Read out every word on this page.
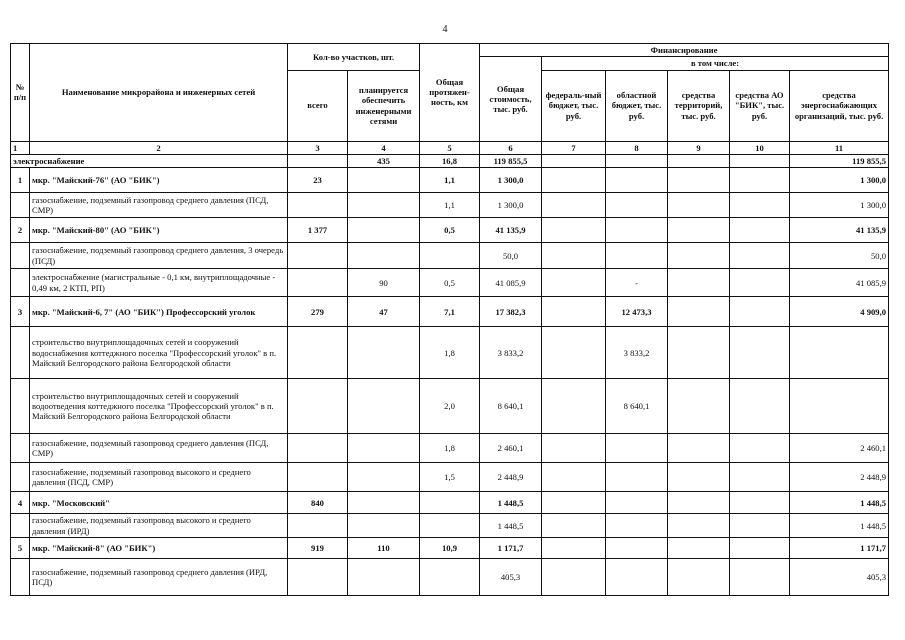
4
№ п/п	Наименование микрорайона и инженерных сетей	Кол-во участков, шт.		Общая протяжен-ность, км	Финансирование					
					Общая стоимость, тыс. руб.	в том числе:				
		всего	планируется обеспечить инженерными сетями			федераль-ный бюджет, тыс. руб.	областной бюджет, тыс. руб.	средства территорий, тыс. руб.	средства АО "БИК", тыс. руб.	средства энергоснабжающих организаций, тыс. руб.
1	2	3	4	5	6	7	8	9	10	11
электроснабжение			435	16,8	119 855,5					119 855,5
1	мкр. "Майский-76" (АО "БИК")	23		1,1	1 300,0					1 300,0
	газоснабжение, подземный газопровод среднего давления (ПСД, СМР)			1,1	1 300,0					1 300,0
2	мкр. "Майский-80" (АО "БИК")	1 377		0,5	41 135,9					41 135,9
	газоснабжение, подземный газопровод среднего давления, 3 очередь (ПСД)				50,0					50,0
	электроснабжение (магистральные - 0,1 км, внутриплощадочные - 0,49 км, 2 КТП, РП)		90	0,5	41 085,9		-			41 085,9
3	мкр. "Майский-6, 7" (АО "БИК") Профессорский уголок	279	47	7,1	17 382,3		12 473,3			4 909,0
	строительство внутриплощадочных сетей и сооружений водоснабжения коттеджного поселка "Профессорский уголок" в п. Майский Белгородского района Белгородской области			1,8	3 833,2		3 833,2			
	строительство внутриплощадочных сетей и сооружений водоотведения коттеджного поселка "Профессорский уголок" в п. Майский Белгородского района Белгородской области			2,0	8 640,1		8 640,1			
	газоснабжение, подземный газопровод среднего давления (ПСД, СМР)			1,8	2 460,1					2 460,1
	газоснабжение, подземный газопровод высокого и среднего давления (ПСД, СМР)			1,5	2 448,9					2 448,9
4	мкр. "Московский"	840			1 448,5					1 448,5
	газоснабжение, подземный газопровод высокого и среднего давления (ИРД)				1 448,5					1 448,5
5	мкр. "Майский-8" (АО "БИК")	919	110	10,9	1 171,7					1 171,7
	газоснабжение, подземный газопровод среднего давления (ИРД, ПСД)				405,3					405,3
